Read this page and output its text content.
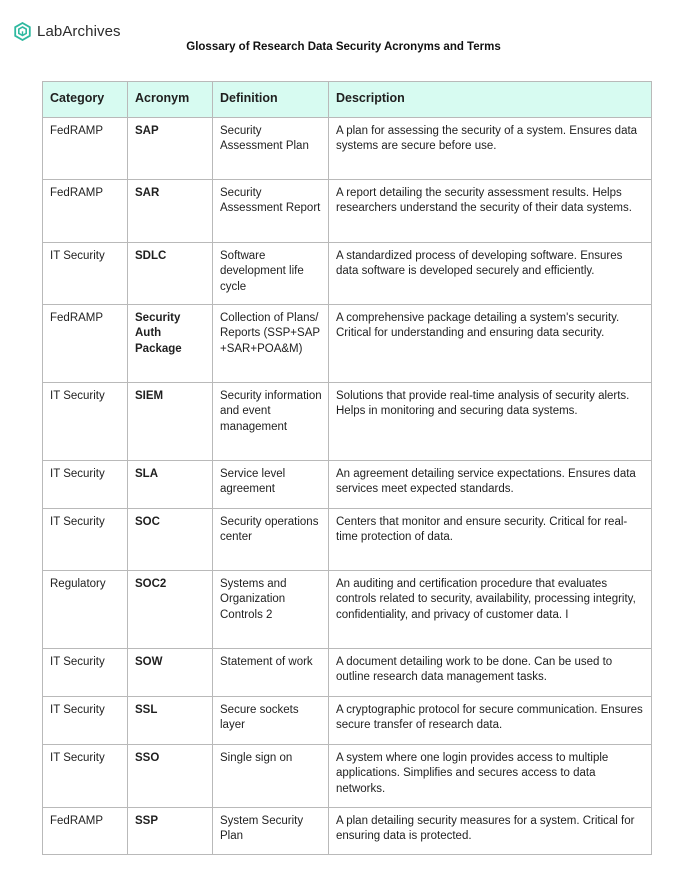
LabArchives
Glossary of Research Data Security Acronyms and Terms
Category	Acronym	Definition	Description
FedRAMP	SAP	Security Assessment Plan	A plan for assessing the security of a system. Ensures data systems are secure before use.
FedRAMP	SAR	Security Assessment Report	A report detailing the security assessment results. Helps researchers understand the security of their data systems.
IT Security	SDLC	Software development life cycle	A standardized process of developing software. Ensures data software is developed securely and efficiently.
FedRAMP	Security Auth Package	Collection of Plans/Reports (SSP+SAP+SAR+POA&M)	A comprehensive package detailing a system's security. Critical for understanding and ensuring data security.
IT Security	SIEM	Security information and event management	Solutions that provide real-time analysis of security alerts. Helps in monitoring and securing data systems.
IT Security	SLA	Service level agreement	An agreement detailing service expectations. Ensures data services meet expected standards.
IT Security	SOC	Security operations center	Centers that monitor and ensure security. Critical for real-time protection of data.
Regulatory	SOC2	Systems and Organization Controls 2	An auditing and certification procedure that evaluates controls related to security, availability, processing integrity, confidentiality, and privacy of customer data. I
IT Security	SOW	Statement of work	A document detailing work to be done. Can be used to outline research data management tasks.
IT Security	SSL	Secure sockets layer	A cryptographic protocol for secure communication. Ensures secure transfer of research data.
IT Security	SSO	Single sign on	A system where one login provides access to multiple applications. Simplifies and secures access to data networks.
FedRAMP	SSP	System Security Plan	A plan detailing security measures for a system. Critical for ensuring data is protected.
